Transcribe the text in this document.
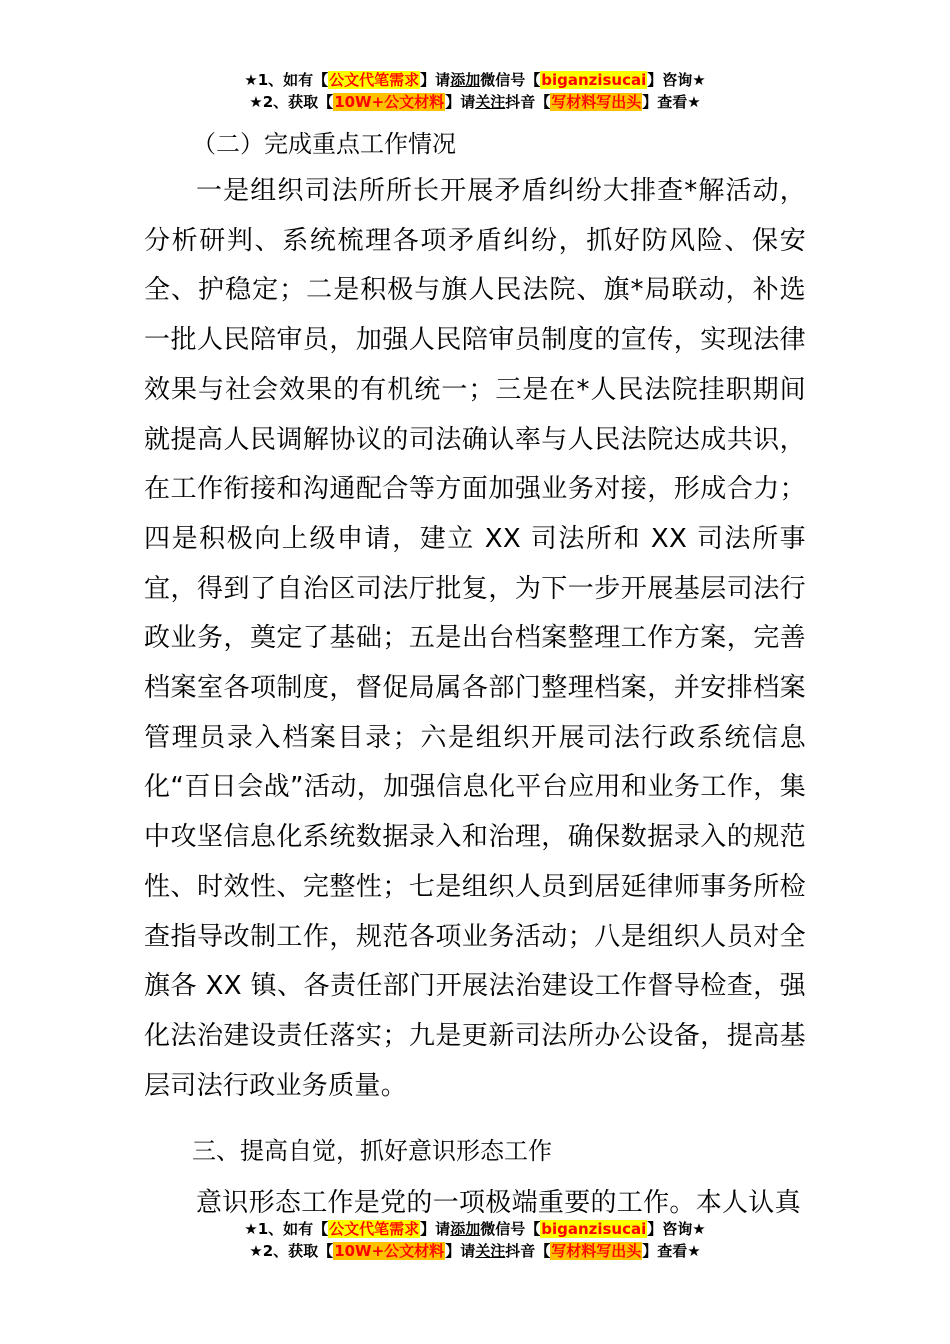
★1、如有【公文代笔需求】请添加微信号【biganzisucai】咨询★
★2、获取【10W+公文材料】请关注抖音【写材料写出头】查看★

（二）完成重点工作情况

一是组织司法所所长开展矛盾纠纷大排查*解活动，分析研判、系统梳理各项矛盾纠纷，抓好防风险、保安全、护稳定；二是积极与旗人民法院、旗*局联动，补选一批人民陪审员，加强人民陪审员制度的宣传，实现法律效果与社会效果的有机统一；三是在*人民法院挂职期间就提高人民调解协议的司法确认率与人民法院达成共识，在工作衔接和沟通配合等方面加强业务对接，形成合力；四是积极向上级申请，建立 XX 司法所和 XX 司法所事宜，得到了自治区司法厅批复，为下一步开展基层司法行政业务，奠定了基础；五是出台档案整理工作方案，完善档案室各项制度，督促局属各部门整理档案，并安排档案管理员录入档案目录；六是组织开展司法行政系统信息化“百日会战”活动，加强信息化平台应用和业务工作，集中攻坚信息化系统数据录入和治理，确保数据录入的规范性、时效性、完整性；七是组织人员到居延律师事务所检查指导改制工作，规范各项业务活动；八是组织人员对全旗各 XX 镇、各责任部门开展法治建设工作督导检查，强化法治建设责任落实；九是更新司法所办公设备，提高基层司法行政业务质量。

三、提高自觉，抓好意识形态工作

意识形态工作是党的一项极端重要的工作。本人认真

★1、如有【公文代笔需求】请添加微信号【biganzisucai】咨询★
★2、获取【10W+公文材料】请关注抖音【写材料写出头】查看★
